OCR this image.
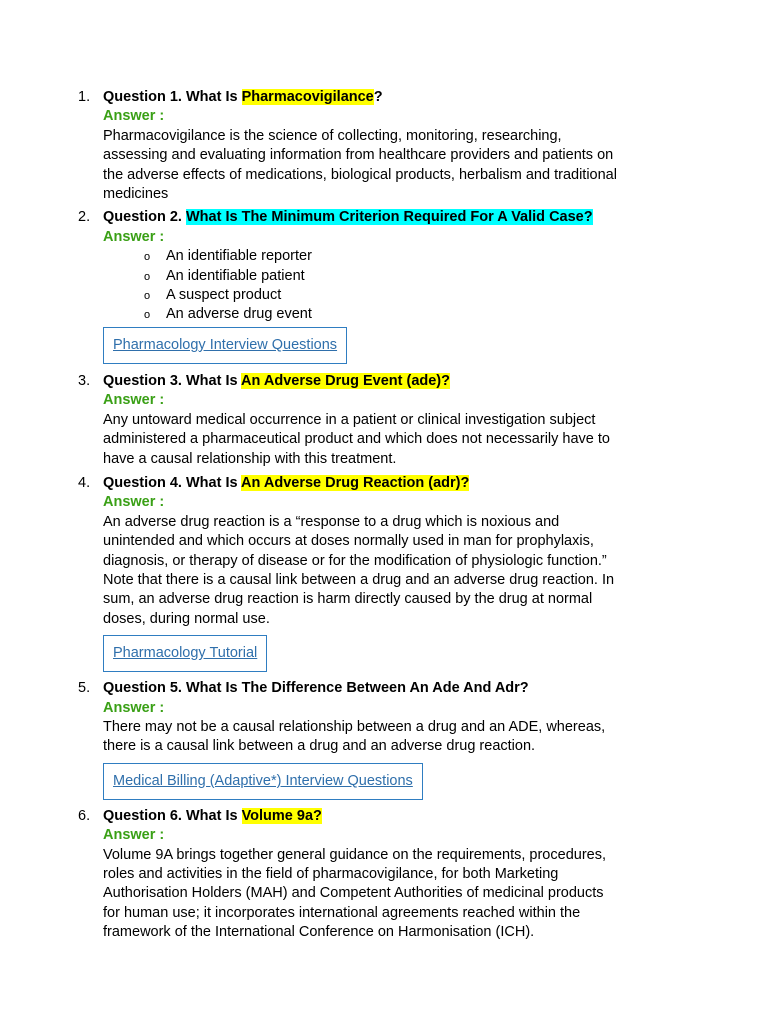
1. Question 1. What Is Pharmacovigilance?
Answer :

Pharmacovigilance is the science of collecting, monitoring, researching,
assessing and evaluating information from healthcare providers and patients on
the adverse effects of medications, biological products, herbalism and traditional
medicines

2. Question 2. What Is The Minimum Criterion Required For A Valid Case?
Answer :
o An identifiable reporter
o An identifiable patient
o A suspect product
o An adverse drug event
Pharmacology Interview Questions
3. Question 3. What Is An Adverse Drug Event (ade)?
Answer :

Any untoward medical occurrence in a patient or clinical investigation subject
administered a pharmaceutical product and which does not necessarily have to
have a causal relationship with this treatment.

4. Question 4. What Is An Adverse Drug Reaction (adr)?
Answer :

An adverse drug reaction is a “response to a drug which is noxious and
unintended and which occurs at doses normally used in man for prophylaxis,
diagnosis, or therapy of disease or for the modification of physiologic function.”
Note that there is a causal link between a drug and an adverse drug reaction. In
sum, an adverse drug reaction is harm directly caused by the drug at normal
doses, during normal use.

Pharmacology Tutorial
5. Question 5. What Is The Difference Between An Ade And Adr?
Answer :

There may not be a causal relationship between a drug and an ADE, whereas,
there is a causal link between a drug and an adverse drug reaction.

Medical Billing (Adaptive*) Interview Questions
6. Question 6. What Is Volume 9a?
Answer :

Volume 9A brings together general guidance on the requirements, procedures,
roles and activities in the field of pharmacovigilance, for both Marketing
Authorisation Holders (MAH) and Competent Authorities of medicinal products
for human use; it incorporates international agreements reached within the
framework of the International Conference on Harmonisation (ICH).
